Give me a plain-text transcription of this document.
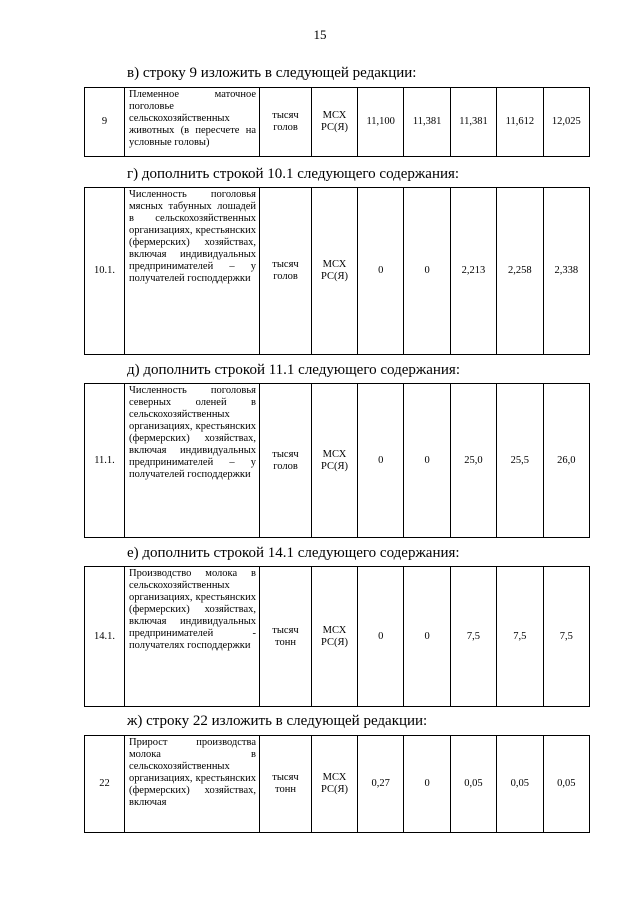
15
в) строку 9 изложить в следующей редакции:
9	Племенное маточное поголовье сельскохозяйственных животных (в пересчете на условные головы)	тысяч голов	МСХ РС(Я)	11,100	11,381	11,381	11,612	12,025
г) дополнить строкой 10.1 следующего содержания:
10.1.	Численность поголовья мясных табунных лошадей в сельскохозяйственных организациях, крестьянских (фермерских) хозяйствах, включая индивидуальных предпринимателей – у получателей господдержки	тысяч голов	МСХ РС(Я)	0	0	2,213	2,258	2,338
д) дополнить строкой 11.1 следующего содержания:
11.1.	Численность поголовья северных оленей в сельскохозяйственных организациях, крестьянских (фермерских) хозяйствах, включая индивидуальных предпринимателей – у получателей господдержки	тысяч голов	МСХ РС(Я)	0	0	25,0	25,5	26,0
е) дополнить строкой 14.1 следующего содержания:
14.1.	Производство молока в сельскохозяйственных организациях, крестьянских (фермерских) хозяйствах, включая индивидуальных предпринимателей - получателях господдержки	тысяч тонн	МСХ РС(Я)	0	0	7,5	7,5	7,5
ж) строку 22 изложить в следующей редакции:
22	Прирост производства молока в сельскохозяйственных организациях, крестьянских (фермерских) хозяйствах, включая	тысяч тонн	МСХ РС(Я)	0,27	0	0,05	0,05	0,05
